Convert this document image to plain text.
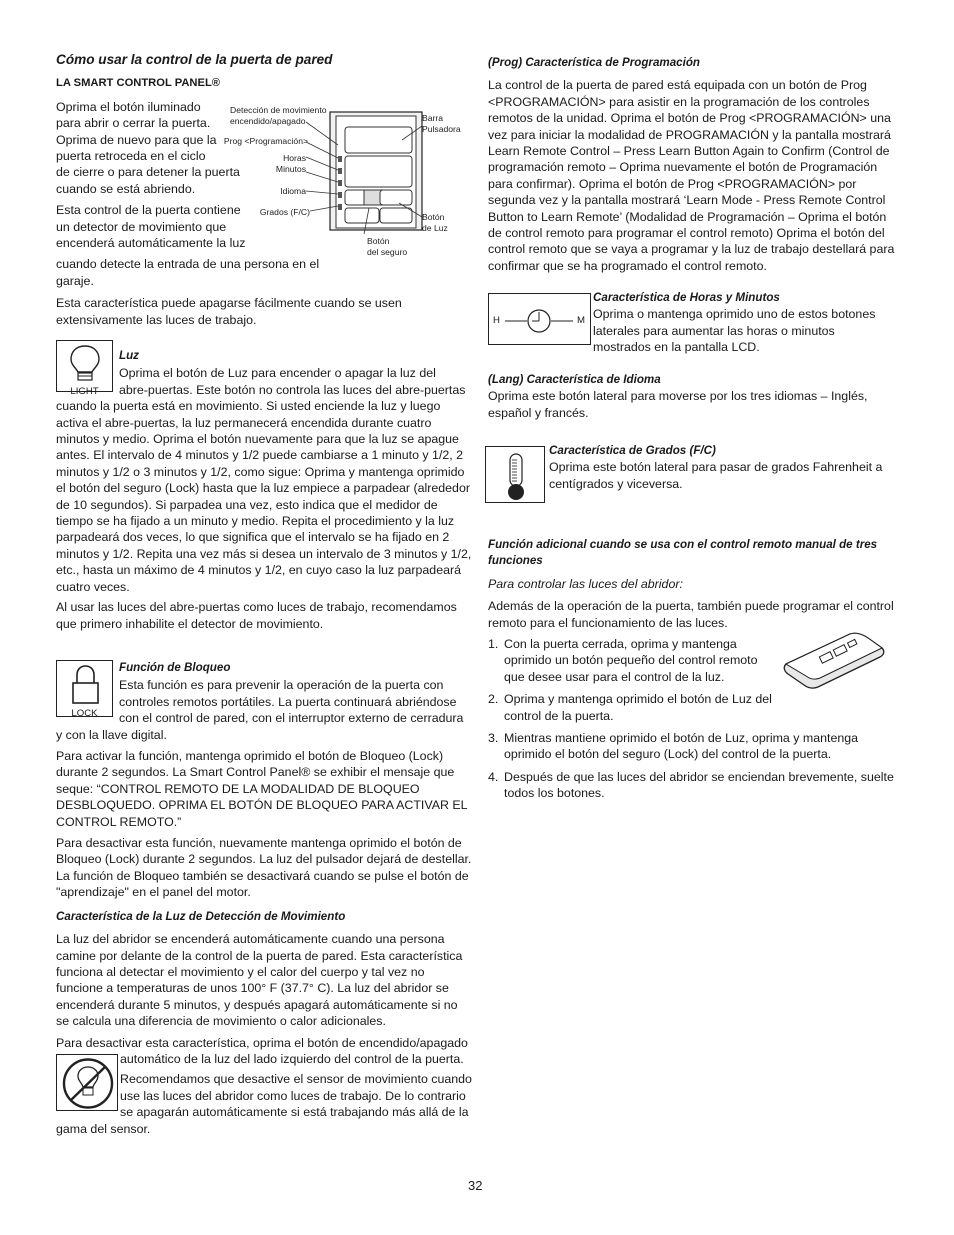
Cómo usar la control de la puerta de pared
LA SMART CONTROL PANEL®
Oprima el botón iluminado
para abrir o cerrar la puerta.
Oprima de nuevo para que la
puerta retroceda en el ciclo
de cierre o para detener la puerta
cuando se está abriendo.
Esta control de la puerta contiene
un detector de movimiento que
encenderá automáticamente la luz

cuando detecte la entrada de una persona en el garaje.

Esta característica puede apagarse fácilmente cuando se usen extensivamente las luces de trabajo.

Detección de movimiento
encendido/apagado
Prog <Programación>
Horas
Minutos
Idioma
Grados (F/C)
Barra
Pulsadora
Botón
de Luz
Botón
del seguro
LIGHT
Luz
Oprima el botón de Luz para encender o apagar la luz del
abre-puertas. Este botón no controla las luces del abre-puertas

cuando la puerta está en movimiento. Si usted enciende la luz y luego activa el abre-puertas, la luz permanecerá encendida durante cuatro minutos y medio. Oprima el botón nuevamente para que la luz se apague antes. El intervalo de 4 minutos y 1/2 puede cambiarse a 1 minuto y 1/2, 2 minutos y 1/2 o 3 minutos y 1/2, como sigue: Oprima y mantenga oprimido el botón del seguro (Lock) hasta que la luz empiece a parpadear (alrededor de 10 segundos). Si parpadea una vez, esto indica que el medidor de tiempo se ha fijado a un minuto y medio. Repita el procedimiento y la luz parpadeará dos veces, lo que significa que el intervalo se ha fijado en 2 minutos y 1/2. Repita una vez más si desea un intervalo de 3 minutos y 1/2, etc., hasta un máximo de 4 minutos y 1/2, en cuyo caso la luz parpadeará cuatro veces.

Al usar las luces del abre-puertas como luces de trabajo, recomendamos que primero inhabilite el detector de movimiento.

LOCK
Función de Bloqueo
Esta función es para prevenir la operación de la puerta con
controles remotos portátiles. La puerta continuará abriéndose
con el control de pared, con el interruptor externo de cerradura

y con la llave digital.

Para activar la función, mantenga oprimido el botón de Bloqueo (Lock) durante 2 segundos. La Smart Control Panel® se exhibir el mensaje que seque: “CONTROL REMOTO DE LA MODALIDAD DE BLOQUEO DESBLOQUEDO. OPRIMA EL BOTÓN DE BLOQUEO PARA ACTIVAR EL CONTROL REMOTO.”

Para desactivar esta función, nuevamente mantenga oprimido el botón de Bloqueo (Lock) durante 2 segundos. La luz del pulsador dejará de destellar. La función de Bloqueo también se desactivará cuando se pulse el botón de "aprendizaje" en el panel del motor.

Característica de la Luz de Detección de Movimiento

La luz del abridor se encenderá automáticamente cuando una persona camine por delante de la control de la puerta de pared. Esta característica funciona al detectar el movimiento y el calor del cuerpo y tal vez no funcione a temperaturas de unos 100° F (37.7° C). La luz del abridor se encenderá durante 5 minutos, y después apagará automáticamente si no se calcula una diferencia de movimiento o calor adicionales.

Para desactivar esta característica, oprima el botón de encendido/apagado
automático de la luz del lado izquierdo del control de la puerta.
Recomendamos que desactive el sensor de movimiento cuando
use las luces del abridor como luces de trabajo. De lo contrario
se apagarán automáticamente si está trabajando más allá de la
gama del sensor.
(Prog) Característica de Programación

La control de la puerta de pared está equipada con un botón de Prog <PROGRAMACIÓN> para asistir en la programación de los controles remotos de la unidad. Oprima el botón de Prog <PROGRAMACIÓN> una vez para iniciar la modalidad de PROGRAMACIÓN y la pantalla mostrará Learn Remote Control – Press Learn Button Again to Confirm (Control de programación remoto – Oprima nuevamente el botón de Programación para confirmar). Oprima el botón de Prog <PROGRAMACIÓN> por segunda vez y la pantalla mostrará ‘Learn Mode - Press Remote Control Button to Learn Remote’ (Modalidad de Programación – Oprima el botón de control remoto para programar el control remoto) Oprima el botón del control remoto que se vaya a programar y la luz de trabajo destellará para confirmar que se ha programado el control remoto.

H	M
Característica de Horas y Minutos
Oprima o mantenga oprimido uno de estos botones
laterales para aumentar las horas o minutos
mostrados en la pantalla LCD.
(Lang) Característica de Idioma

Oprima este botón lateral para moverse por los tres idiomas – Inglés, español y francés.

Característica de Grados (F/C)
Oprima este botón lateral para pasar de grados Fahrenheit a
centígrados y viceversa.
Función adicional cuando se usa con el control remoto manual de tres funciones

Para controlar las luces del abridor:

Además de la operación de la puerta, también puede programar el control remoto para el funcionamiento de las luces.

1. Con la puerta cerrada, oprima y mantenga oprimido un botón pequeño del control remoto que desee usar para el control de la luz.
2. Oprima y mantenga oprimido el botón de Luz del control de la puerta.
3. Mientras mantiene oprimido el botón de Luz, oprima y mantenga oprimido el botón del seguro (Lock) del control de la puerta.
4. Después de que las luces del abridor se enciendan brevemente, suelte todos los botones.
32
